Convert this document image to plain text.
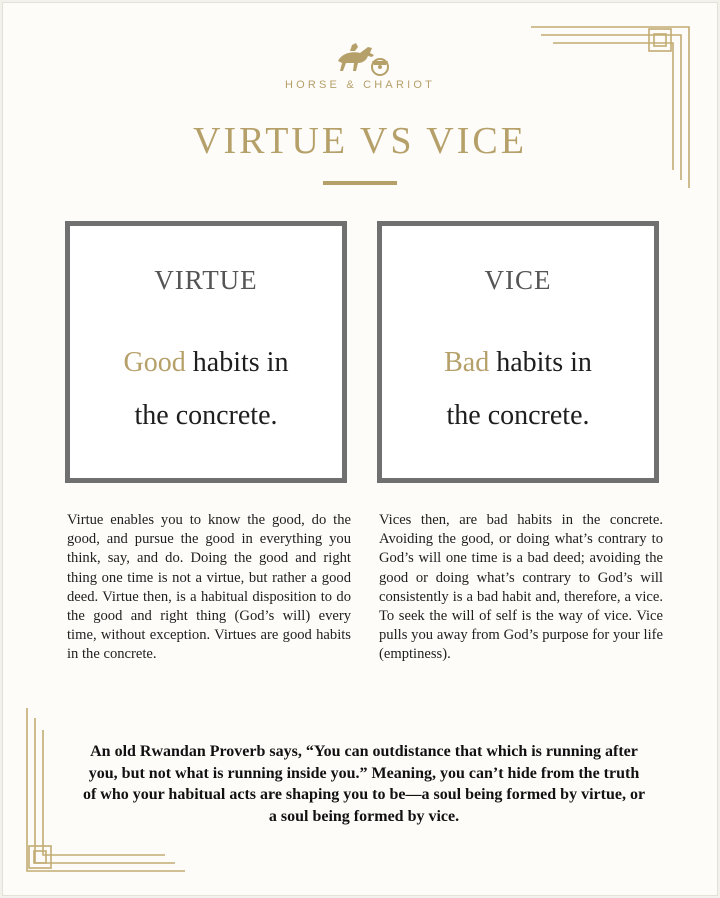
HORSE & CHARIOT
VIRTUE VS VICE
VIRTUE
Good habits in
the concrete.
VICE
Bad habits in
the concrete.
Virtue enables you to know the good, do the good, and pursue the good in everything you think, say, and do. Doing the good and right thing one time is not a virtue, but rather a good deed. Virtue then, is a habitual disposition to do the good and right thing (God’s will) every time, without exception. Virtues are good habits in the concrete.
Vices then, are bad habits in the concrete. Avoiding the good, or doing what’s contrary to God’s will one time is a bad deed; avoiding the good or doing what’s contrary to God’s will consistently is a bad habit and, therefore, a vice. To seek the will of self is the way of vice. Vice pulls you away from God’s purpose for your life (emptiness).
An old Rwandan Proverb says, “You can outdistance that which is running after you, but not what is running inside you.” Meaning, you can’t hide from the truth of who your habitual acts are shaping you to be—a soul being formed by virtue, or a soul being formed by vice.
